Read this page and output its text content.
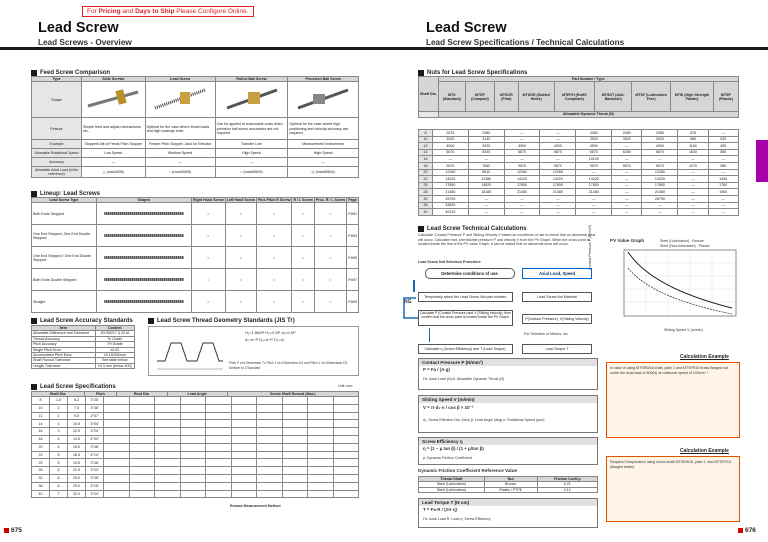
For Pricing and Days to Ship Please Configure Online.
Lead Screw
Lead Screws - Overview
Lead Screw
Lead Screw Specifications / Technical Calculations
Feed Screw Comparison
Type	Slide Screws	Lead Screw	Rolled Ball Screw	Precision Ball Screw
Shape				
Feature	Simple feed and adjust mechanisms, etc.	Optimal for the case where thrust loads and high loadings exist.	Can be applied at reasonable costs when precision ball screw accuracies are not required.	Optimal for the case where high positioning and velocity accuracy are required.
Example	Stopper/Unit of Feeds Pitch Stopper	Feeder Pitch Stopper, Jack for Elevator	Transfer Line	Measurement Instruments
Allowable Rotational Speed	Low Speed	Medium Speed	High Speed	High Speed
Accuracy	—	—	—	—
Allowable Axial Load (in/for reference)	△ (max5408)	○ (max50606)	○ (max80609)	◎ (max80604)
Lineup: Lead Screws
Lead Screw Type	Shapes	Right Hand Screw	Left Hand Screw	Plus Pitch R Screw	R / L Screw	Proc. R / L Screw	Page
Both Ends Stepped		○	○	○	○	○	P.691
One End Stepped, One End Double Stepped		○	○	○	○	○	P.693
One End Stepped / One End Double Stepped		○	○	○	○	○	P.695
Both Ends Double Stepped		○	○	○	○	○	P.697
Straight		○	○	○	○	○	P.699
Lead Screw Accuracy Standards
Item	Content
Allowable Difference and Tolerance	JIS B0217 & 0216
Thread Accuracy	7e Grade
Pitch Accuracy	7H Grade
Single Pitch Error	±0.02
Accumulated Pitch Error	±0.15/300mm
Shaft Runout Tolerance	See table below
Length Tolerance	±0.3 mm (below 400)
Lead Screw Thread Geometry Standards (JIS Tr)
H₁=1.866P H₂=0.5P d₂=0.5P
d₁=d−P D₁=d−P D₂=d₂
Pitch P of d Dimension Tr, Pitch 1 of d Dimension D1 and Pitch 1 of d Dimension D2 Uniform to 2 Standard
Lead Screw Specifications	Unit: mm
Shaft Dia.	Pitch	Root Dia.	Lead Angle	Screw Shaft Runout (Max.)
8	1.5	6.2	3°25'										
10	2	7.5	3°38'										
12	2	9.5	2°57'										
14	3	10.5	3°54'										
16	3	12.5	3°24'										
18	4	13.5	4°03'										
20	4	15.5	3°38'										
22	5	16.5	4°14'										
25	5	19.5	3°38'										
28	5	22.5	3°23'										
32	6	25.0	3°38'										
36	6	29.0	3°15'										
40	7	32.0	3°24'										
Runout Measurement Method
675
Nuts for Lead Screw Specifications
Shaft Dia.	Part Number / Type								
	MTS (Standard)	MTSP (Compact)	MTSCR (Pilot)	MTSGR (Slotted Holes)	MTRTH (RoHS Compliant)	MTSDT (Anti-Backlash)	MTSF (Lubrication Free)	MTSI (High Strength Plastic)	MTSP (Plastic)
	Allowable Dynamic Thrust (N)								
8	2575	2080	—	—	2080	2080	2080	578	—
10	3920	3140	—	—	3920	3920	3920	980	530
12	4900	3920	4900	4900	4900	—	4900	1160	490
14	6670	5340	6670	6670	6670	6260	6670	1640	580
16	—	—	—	—	10100	—	—	—	—
18	9570	7650	9570	9570	9570	9570	9570	4270	980
20	12260	9810	12260	12260	—	—	12260	—	—
22	14220	11380	14220	14220	14220	—	14220	—	1450
25	17850	14620	17850	17850	17850	—	17850	—	1760
28	21480	18180	21480	21480	21480	—	21480	—	1960
32	25790	—	—	—	—	—	25790	—	—
36	33830	—	—	—	—	—	—	—	—
40	40310	—	—	—	—	—	—	—	—
Lead Screw Technical Calculations
Calculate Contact Pressure P and Sliding Velocity V based on conditions of use to check that no abnormal wear will occur. Calculate max. permissible pressure P and velocity V from the PV Graph. When the cross point is located inside the line of the PV value Graph, it can be stated that no abnormal wear will occur.
Lead Screw Nut Selection Procedure
Determine conditions of use.	Axial Load, Speed
Temporarily select the Lead Screw Nut part number.	Lead Screw Nut Material
Calculate P (Contact Pressure) and V (Sliding Velocity), then confirm that the cross point is located inside the PV Graph.	P(Contact Pressure), V(Sliding Velocity)
Calculate η (Screw Efficiency) and T (Lead Torque).	Lead Torque T
For Selection of Motors, etc.
NG
PV Value Graph	Steel (Lubrication) · Bronze
Steel (Non-lubrication) · Plastic
Contact Pressure P (N/mm²)
Sliding Speed V (m/min)
Contact Pressure P (N/mm²)
P = Fa / (A·g)
Fa: Axial Load (N) A: Allowable Dynamic Thrust (N)
Sliding Speed V (m/min)
V = π·d₂·n / cos β × 10⁻³
d₂: Screw Effective Dia. (mm) β: Lead Angle (deg) n: Rotational Speed (rpm)
Screw Efficiency η
η = (1 − μ tan β) / (1 + μ/tan β)
μ: Dynamic Friction Coefficient
Dynamic Friction Coefficient Reference Value
Thread Shaft	Nut	Friction Coeff.μ
Steel (Lubrication)	Bronze	0.21
Steel (Lubrication)	Plastic / PTFE	0.12
Lead Torque T (N·cm)
T = Fa·R / (2π·η)
Fa: Axial Load R: Lead η: Screw Efficiency
Calculation Example
In case of using MTSRW16 shaft, plain 1 and MTSFR16 brass flanged nut under the axial load of 500(N) at rotational speed of 100min⁻¹.
Calculation Example
Required Temperature using screw shaft MTSRW16, plain 1, and MTSFR16 (flanged brass).
676
